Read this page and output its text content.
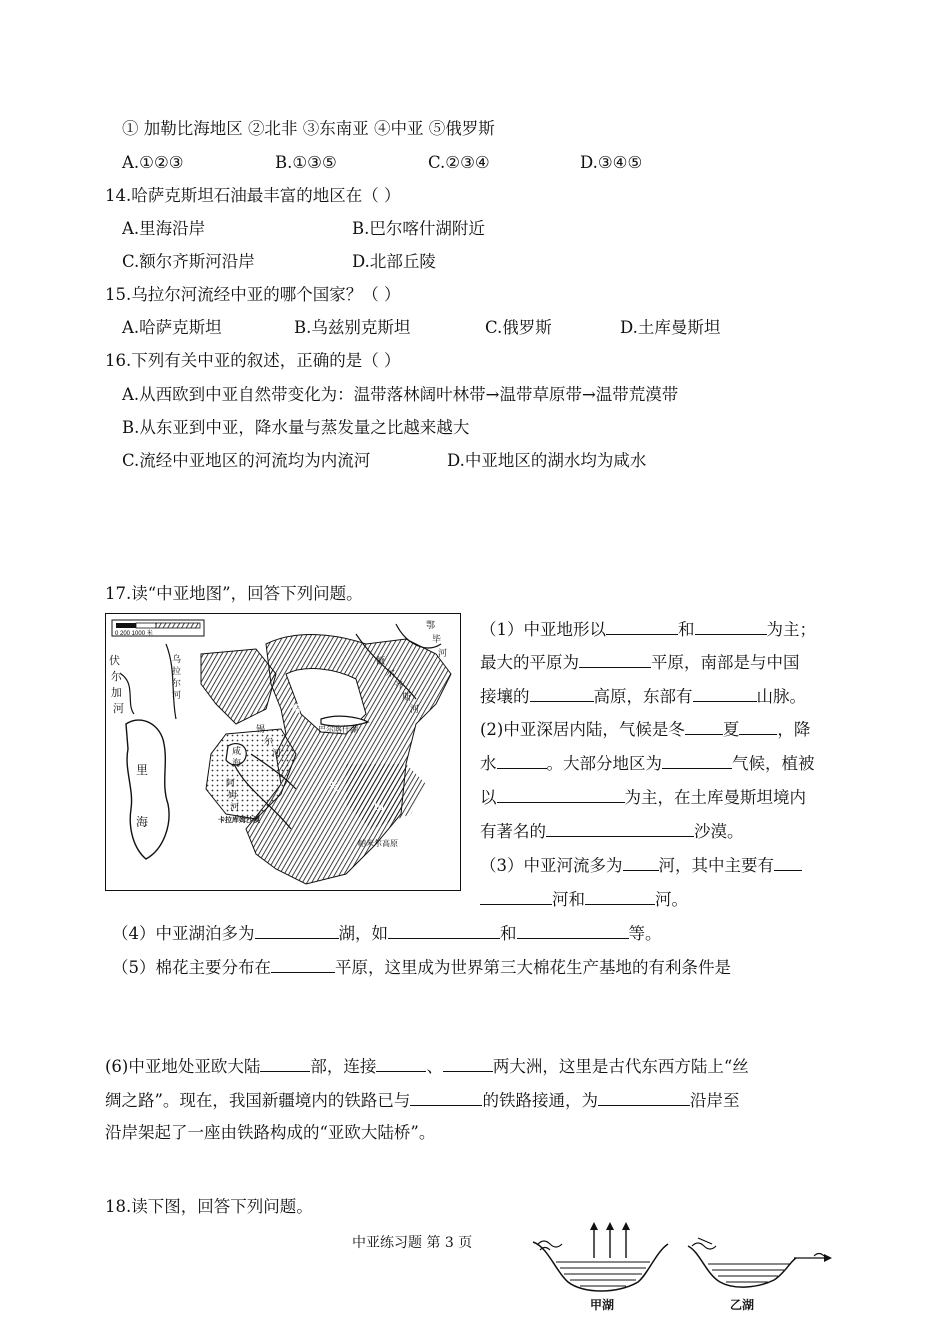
① 加勒比海地区 ②北非 ③东南亚 ④中亚 ⑤俄罗斯
A.①②③	B.①③⑤	C.②③④	D.③④⑤
14.哈萨克斯坦石油最丰富的地区在（ ）
A.里海沿岸	B.巴尔喀什湖附近
C.额尔齐斯河沿岸	D.北部丘陵
15.乌拉尔河流经中亚的哪个国家？（ ）
A.哈萨克斯坦	B.乌兹别克斯坦	C.俄罗斯	D.土库曼斯坦
16.下列有关中亚的叙述，正确的是（ ）
A.从西欧到中亚自然带变化为：温带落林阔叶林带→温带草原带→温带荒漠带
B.从东亚到中亚，降水量与蒸发量之比越来越大
C.流经中亚地区的河流均为内流河	D.中亚地区的湖水均为咸水
17.读“中亚地图”，回答下列问题。
0 200 1000 米
伏
尔
加
河
乌
拉
尔
河
里
海
哈萨克丘陵
巴尔喀什湖
额
尔
齐
斯
河
鄂
毕
河
咸
海
锡
尔
河
阿
姆
河
卡拉库姆沙漠
天
山
帕米尔高原
（1）中亚地形以	和	为主；
最大的平原为	平原，南部是与中国
接壤的	高原，东部有	山脉。
(2)中亚深居内陆，气候是冬 夏 ，降
水	。大部分地区为	气候，植被
以	为主，在土库曼斯坦境内
有著名的	沙漠。
（3）中亚河流多为 河，其中主要有
河和	河。
（4）中亚湖泊多为	湖，如	和	等。
（5）棉花主要分布在	平原，这里成为世界第三大棉花生产基地的有利条件是
(6)中亚地处亚欧大陆	部，连接	、	两大洲，这里是古代东西方陆上“丝
绸之路”。现在，我国新疆境内的铁路已与	的铁路接通，为	沿岸至
沿岸架起了一座由铁路构成的“亚欧大陆桥”。
18.读下图，回答下列问题。
中亚练习题 第 3 页
甲湖	乙湖
